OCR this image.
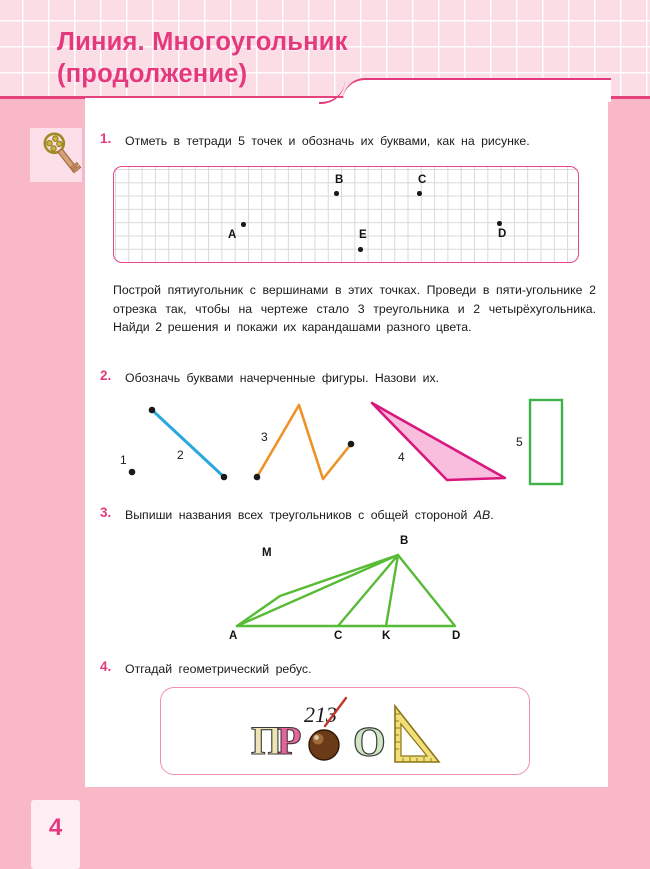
Линия. Многоугольник
(продолжение)
4
1. Отметь в тетради 5 точек и обозначь их буквами, как на рисунке.
A
B	C
D
E
Построй пятиугольник с вершинами в этих точках. Проведи в пяти-угольнике 2 отрезка так, чтобы на чертеже стало 3 треугольника и 2 четырёхугольника. Найди 2 решения и покажи их карандашами разного цвета.
2. Обозначь буквами начерченные фигуры. Назови их.
1	2
3
4
5
3. Выпиши названия всех треугольников с общей стороной AB.
M
B
A	C	K	D
4. Отгадай геометрический ребус.
П
Р
213
О
